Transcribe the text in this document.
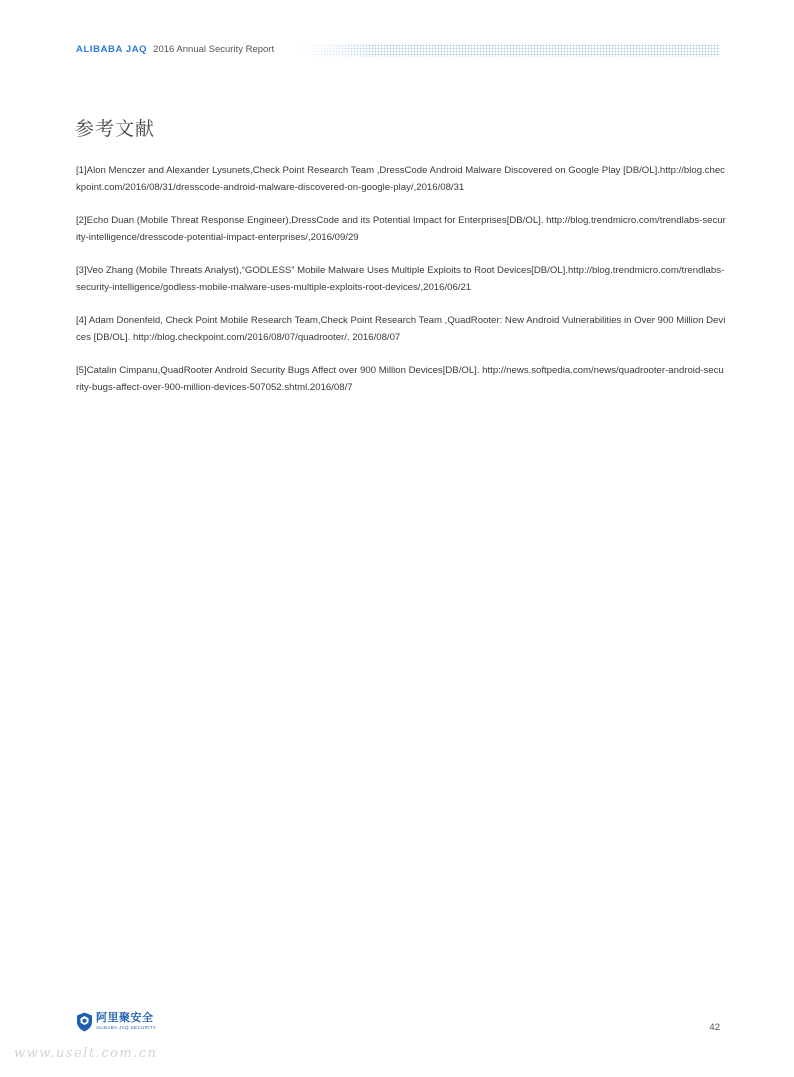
ALIBABA JAQ 2016 Annual Security Report
参考文献
[1]Alon Menczer and Alexander Lysunets,Check Point Research Team ,DressCode Android Malware Discovered on Google Play [DB/OL].http://blog.checkpoint.com/2016/08/31/dresscode-android-malware-discovered-on-google-play/,2016/08/31
[2]Echo Duan (Mobile Threat Response Engineer),DressCode and its Potential Impact for Enterprises[DB/OL]. http://blog.trendmicro.com/trendlabs-security-intelligence/dresscode-potential-impact-enterprises/,2016/09/29
[3]Veo Zhang (Mobile Threats Analyst),“GODLESS” Mobile Malware Uses Multiple Exploits to Root Devices[DB/OL].http://blog.trendmicro.com/trendlabs-security-intelligence/godless-mobile-malware-uses-multiple-exploits-root-devices/,2016/06/21
[4] Adam Donenfeld, Check Point Mobile Research Team,Check Point Research Team ,QuadRooter: New Android Vulnerabilities in Over 900 Million Devices [DB/OL]. http://blog.checkpoint.com/2016/08/07/quadrooter/. 2016/08/07
[5]Catalin Cimpanu,QuadRooter Android Security Bugs Affect over 900 Million Devices[DB/OL]. http://news.softpedia.com/news/quadrooter-android-security-bugs-affect-over-900-million-devices-507052.shtml.2016/08/7
阿里聚安全
ALIBABA JAQ SECURITY	42
www.uselt.com.cn
